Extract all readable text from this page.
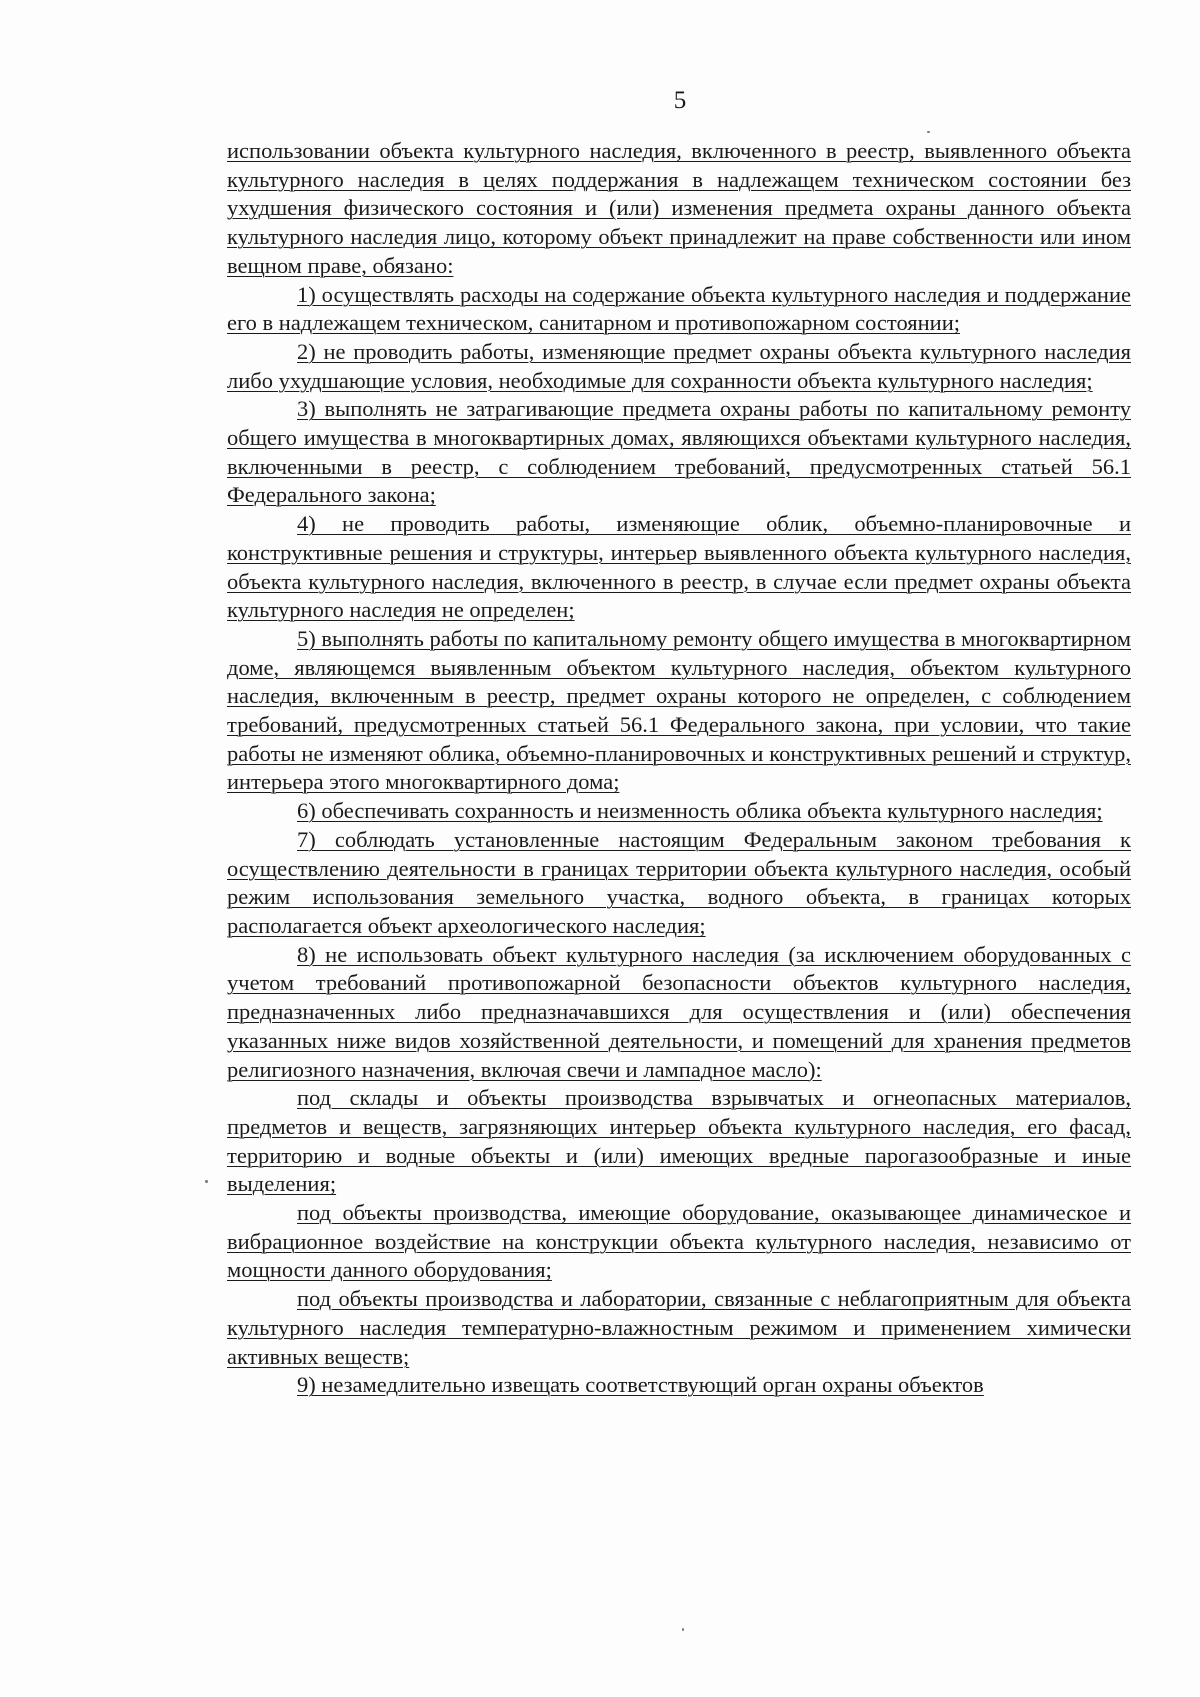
5

использовании объекта культурного наследия, включенного в реестр, выявленного объекта культурного наследия в целях поддержания в надлежащем техническом состоянии без ухудшения физического состояния и (или) изменения предмета охраны данного объекта культурного наследия лицо, которому объект принадлежит на праве собственности или ином вещном праве, обязано:

1) осуществлять расходы на содержание объекта культурного наследия и поддержание его в надлежащем техническом, санитарном и противопожарном состоянии;

2) не проводить работы, изменяющие предмет охраны объекта культурного наследия либо ухудшающие условия, необходимые для сохранности объекта культурного наследия;

3) выполнять не затрагивающие предмета охраны работы по капитальному ремонту общего имущества в многоквартирных домах, являющихся объектами культурного наследия, включенными в реестр, с соблюдением требований, предусмотренных статьей 56.1 Федерального закона;

4) не проводить работы, изменяющие облик, объемно-планировочные и конструктивные решения и структуры, интерьер выявленного объекта культурного наследия, объекта культурного наследия, включенного в реестр, в случае если предмет охраны объекта культурного наследия не определен;

5) выполнять работы по капитальному ремонту общего имущества в многоквартирном доме, являющемся выявленным объектом культурного наследия, объектом культурного наследия, включенным в реестр, предмет охраны которого не определен, с соблюдением требований, предусмотренных статьей 56.1 Федерального закона, при условии, что такие работы не изменяют облика, объемно-планировочных и конструктивных решений и структур, интерьера этого многоквартирного дома;

6) обеспечивать сохранность и неизменность облика объекта культурного наследия;

7) соблюдать установленные настоящим Федеральным законом требования к осуществлению деятельности в границах территории объекта культурного наследия, особый режим использования земельного участка, водного объекта, в границах которых располагается объект археологического наследия;

8) не использовать объект культурного наследия (за исключением оборудованных с учетом требований противопожарной безопасности объектов культурного наследия, предназначенных либо предназначавшихся для осуществления и (или) обеспечения указанных ниже видов хозяйственной деятельности, и помещений для хранения предметов религиозного назначения, включая свечи и лампадное масло):

под склады и объекты производства взрывчатых и огнеопасных материалов, предметов и веществ, загрязняющих интерьер объекта культурного наследия, его фасад, территорию и водные объекты и (или) имеющих вредные парогазообразные и иные выделения;

под объекты производства, имеющие оборудование, оказывающее динамическое и вибрационное воздействие на конструкции объекта культурного наследия, независимо от мощности данного оборудования;

под объекты производства и лаборатории, связанные с неблагоприятным для объекта культурного наследия температурно-влажностным режимом и применением химически активных веществ;

9) незамедлительно извещать соответствующий орган охраны объектов
